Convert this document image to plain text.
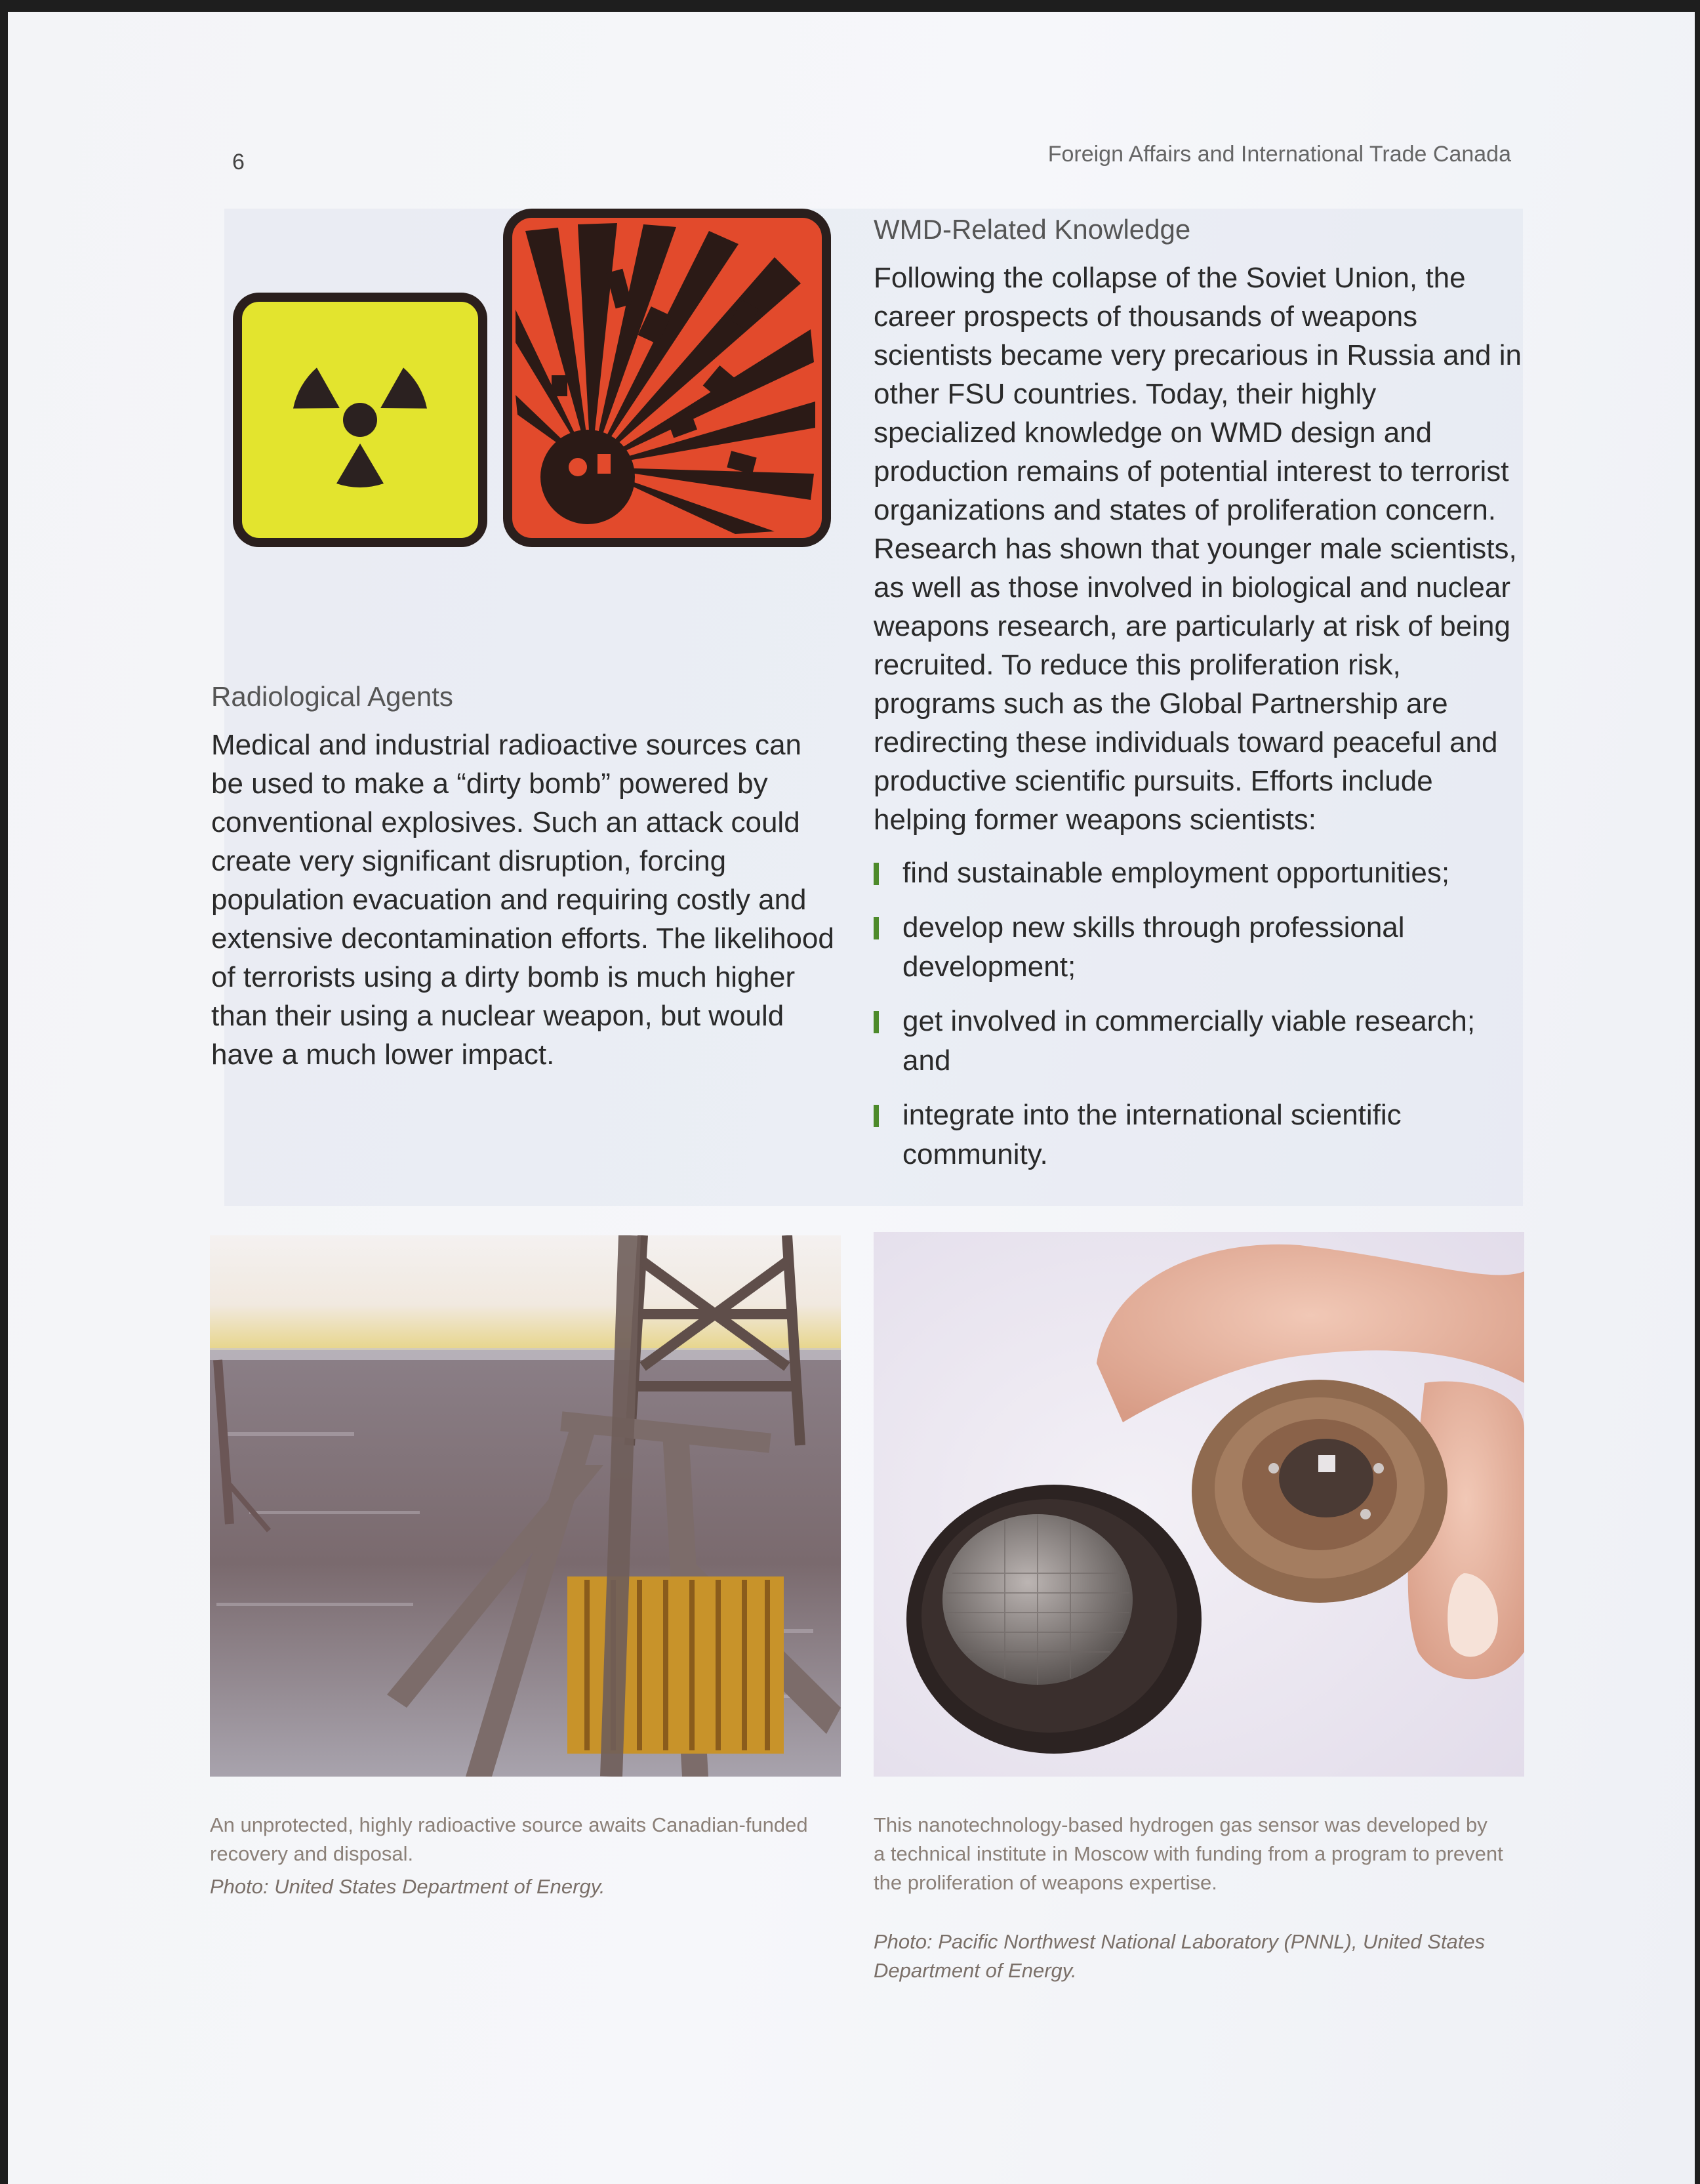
6	Foreign Affairs and International Trade Canada
Radiological Agents

Medical and industrial radioactive sources can be used to make a “dirty bomb” powered by conventional explosives. Such an attack could create very significant disruption, forcing population evacuation and requiring costly and extensive decontamination efforts. The likelihood of terrorists using a dirty bomb is much higher than their using a nuclear weapon, but would have a much lower impact.

WMD-Related Knowledge

Following the collapse of the Soviet Union, the career prospects of thousands of weapons scientists became very precarious in Russia and in other FSU countries. Today, their highly specialized knowledge on WMD design and production remains of potential interest to terrorist organizations and states of proliferation concern. Research has shown that younger male scientists, as well as those involved in biological and nuclear weapons research, are particularly at risk of being recruited. To reduce this proliferation risk, programs such as the Global Partnership are redirecting these individuals toward peaceful and productive scientific pursuits. Efforts include helping former weapons scientists:

find sustainable employment opportunities;
develop new skills through professional development;
get involved in commercially viable research; and
integrate into the international scientific community.

An unprotected, highly radioactive source awaits Canadian-funded recovery and disposal.

Photo: United States Department of Energy.

This nanotechnology-based hydrogen gas sensor was developed by a technical institute in Moscow with funding from a program to prevent the proliferation of weapons expertise.

Photo: Pacific Northwest National Laboratory (PNNL), United States Department of Energy.
